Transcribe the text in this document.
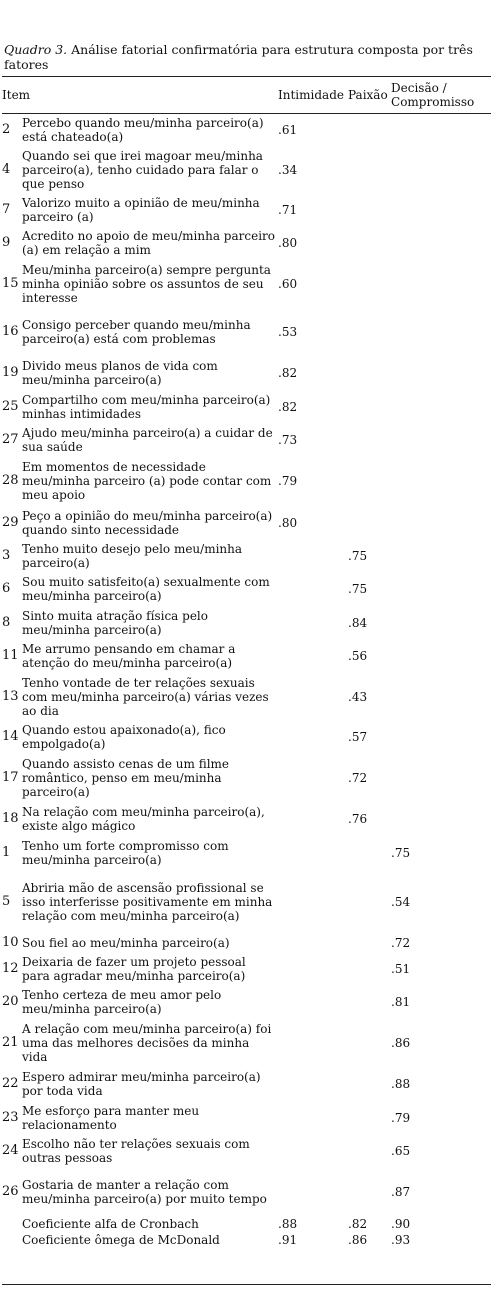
Quadro 3. Análise fatorial confirmatória para estrutura composta por três fatores
Item		Intimidade	Paixão	Decisão / Compromisso
2	Percebo quando meu/minha parceiro(a) está chateado(a)	.61		
4	Quando sei que irei magoar meu/minha parceiro(a), tenho cuidado para falar o que penso	.34		
7	Valorizo muito a opinião de meu/minha parceiro (a)	.71		
9	Acredito no apoio de meu/minha parceiro (a) em relação a mim	.80		
15	Meu/minha parceiro(a) sempre pergunta minha opinião sobre os assuntos de seu interesse	.60		
16	Consigo perceber quando meu/minha parceiro(a) está com problemas	.53		
19	Divido meus planos de vida com meu/minha parceiro(a)	.82		
25	Compartilho com meu/minha parceiro(a) minhas intimidades	.82		
27	Ajudo meu/minha parceiro(a) a cuidar de sua saúde	.73		
28	Em momentos de necessidade meu/minha parceiro (a) pode contar com meu apoio	.79		
29	Peço a opinião do meu/minha parceiro(a) quando sinto necessidade	.80		
3	Tenho muito desejo pelo meu/minha parceiro(a)		.75	
6	Sou muito satisfeito(a) sexualmente com meu/minha parceiro(a)		.75	
8	Sinto muita atração física pelo meu/minha parceiro(a)		.84	
11	Me arrumo pensando em chamar a atenção do meu/minha parceiro(a)		.56	
13	Tenho vontade de ter relações sexuais com meu/minha parceiro(a) várias vezes ao dia		.43	
14	Quando estou apaixonado(a), fico empolgado(a)		.57	
17	Quando assisto cenas de um filme romântico, penso em meu/minha parceiro(a)		.72	
18	Na relação com meu/minha parceiro(a), existe algo mágico		.76	
1	Tenho um forte compromisso com meu/minha parceiro(a)			.75
5	Abriria mão de ascensão profissional se isso interferisse positivamente em minha relação com meu/minha parceiro(a)			.54
10	Sou fiel ao meu/minha parceiro(a)			.72
12	Deixaria de fazer um projeto pessoal para agradar meu/minha parceiro(a)			.51
20	Tenho certeza de meu amor pelo meu/minha parceiro(a)			.81
21	A relação com meu/minha parceiro(a) foi uma das melhores decisões da minha vida			.86
22	Espero admirar meu/minha parceiro(a) por toda vida			.88
23	Me esforço para manter meu relacionamento			.79
24	Escolho não ter relações sexuais com outras pessoas			.65
26	Gostaria de manter a relação com meu/minha parceiro(a) por muito tempo			.87
	Coeficiente alfa de Cronbach	.88	.82	.90
	Coeficiente ômega de McDonald	.91	.86	.93
